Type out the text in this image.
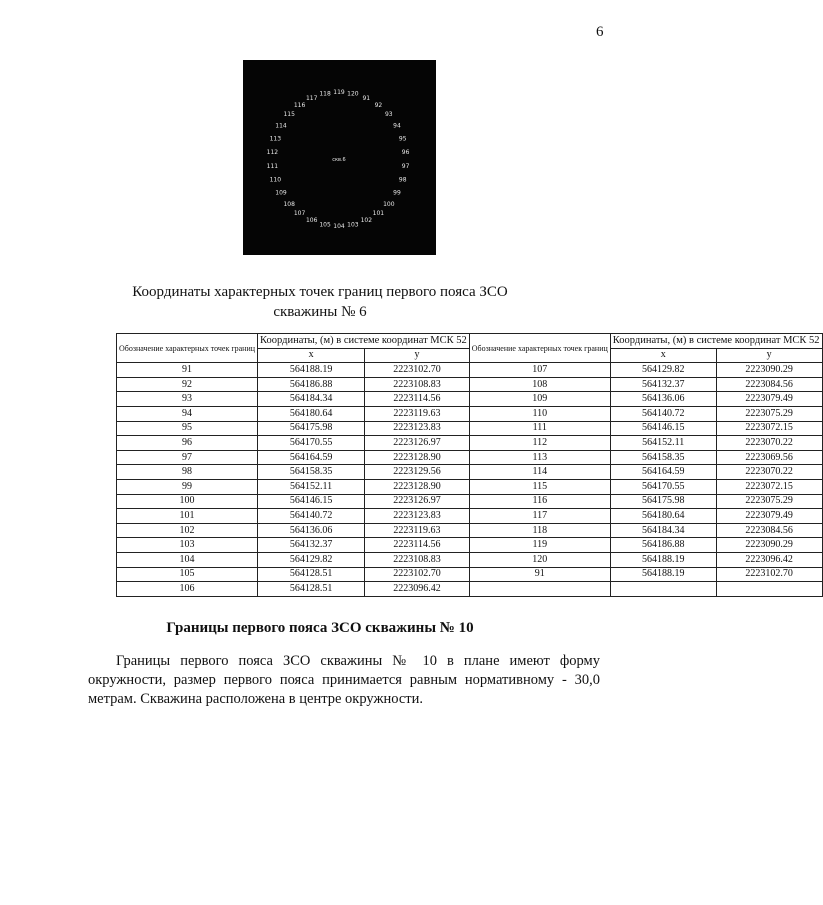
6
91
92
93
94
95
96
97
98
99
100
101
102
103
104
105
106
107
108
109
110
111
112
113
114
115
116
117
118 119 120
скв.6
Координаты характерных точек границ первого пояса ЗСО
скважины № 6
Обозначение характерных точек границ	Координаты, (м) в системе координат МСК 52		Обозначение характерных точек границ	Координаты, (м) в системе координат МСК 52	
	x	у		x	у
91	564188.19	2223102.70	107	564129.82	2223090.29
92	564186.88	2223108.83	108	564132.37	2223084.56
93	564184.34	2223114.56	109	564136.06	2223079.49
94	564180.64	2223119.63	110	564140.72	2223075.29
95	564175.98	2223123.83	111	564146.15	2223072.15
96	564170.55	2223126.97	112	564152.11	2223070.22
97	564164.59	2223128.90	113	564158.35	2223069.56
98	564158.35	2223129.56	114	564164.59	2223070.22
99	564152.11	2223128.90	115	564170.55	2223072.15
100	564146.15	2223126.97	116	564175.98	2223075.29
101	564140.72	2223123.83	117	564180.64	2223079.49
102	564136.06	2223119.63	118	564184.34	2223084.56
103	564132.37	2223114.56	119	564186.88	2223090.29
104	564129.82	2223108.83	120	564188.19	2223096.42
105	564128.51	2223102.70	91	564188.19	2223102.70
106	564128.51	2223096.42			
Границы первого пояса ЗСО скважины № 10

Границы первого пояса ЗСО скважины № 10 в плане имеют форму окружности, размер первого пояса принимается равным нормативному - 30,0 метрам. Скважина расположена в центре окружности.
